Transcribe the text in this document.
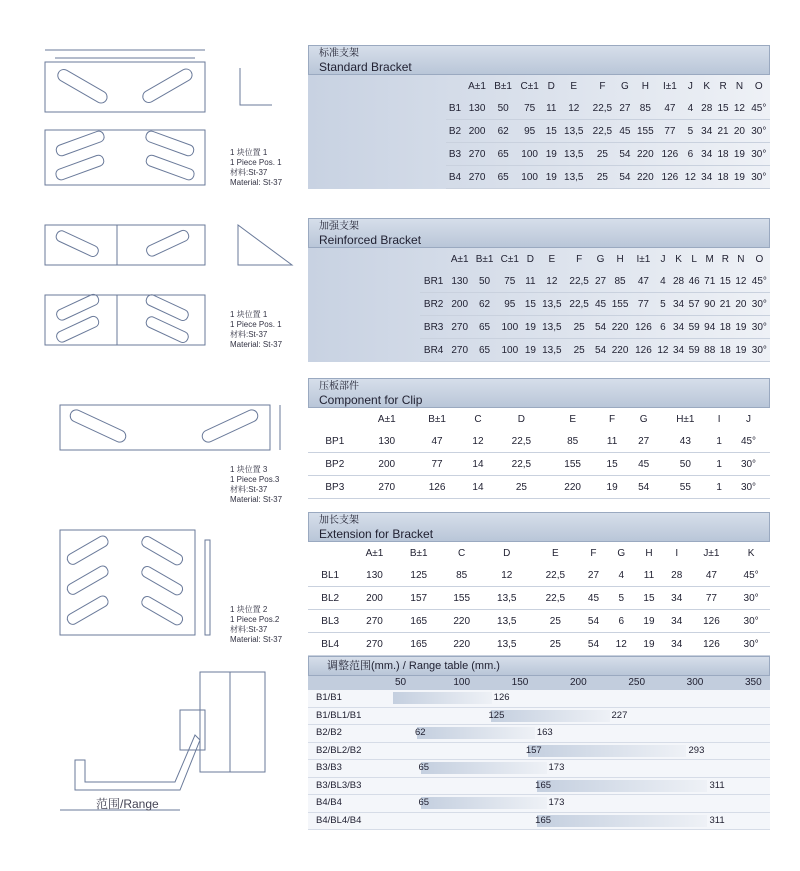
1 块位置 1
1 Piece Pos. 1
材料:St-37
Material: St-37
1 块位置 1
1 Piece Pos. 1
材料:St-37
Material: St-37
1 块位置 3
1 Piece Pos.3
材料:St-37
Material: St-37
1 块位置 2
1 Piece Pos.2
材料:St-37
Material: St-37
范围/Range
标准支架
Standard Bracket
	A±1	B±1	C±1	D	E	F	G	H	I±1	J	K	R	N	O
B1	130	50	75	11	12	22,5	27	85	47	4	28	15	12	45°
B2	200	62	95	15	13,5	22,5	45	155	77	5	34	21	20	30°
B3	270	65	100	19	13,5	25	54	220	126	6	34	18	19	30°
B4	270	65	100	19	13,5	25	54	220	126	12	34	18	19	30°
加强支架
Reinforced Bracket
	A±1	B±1	C±1	D	E	F	G	H	I±1	J	K	L	M	R	N	O
BR1	130	50	75	11	12	22,5	27	85	47	4	28	46	71	15	12	45°
BR2	200	62	95	15	13,5	22,5	45	155	77	5	34	57	90	21	20	30°
BR3	270	65	100	19	13,5	25	54	220	126	6	34	59	94	18	19	30°
BR4	270	65	100	19	13,5	25	54	220	126	12	34	59	88	18	19	30°
压板部件
Component for Clip
	A±1	B±1	C	D	E	F	G	H±1	I	J
BP1	130	47	12	22,5	85	11	27	43	1	45°
BP2	200	77	14	22,5	155	15	45	50	1	30°
BP3	270	126	14	25	220	19	54	55	1	30°
加长支架
Extension for Bracket
	A±1	B±1	C	D	E	F	G	H	I	J±1	K
BL1	130	125	85	12	22,5	27	4	11	28	47	45°
BL2	200	157	155	13,5	22,5	45	5	15	34	77	30°
BL3	270	165	220	13,5	25	54	6	19	34	126	30°
BL4	270	165	220	13,5	25	54	12	19	34	126	30°
调整范围(mm.) / Range table (mm.)
50	100	150	200	250	300	350
B1/B1	126
B1/BL1/B1	125	227
B2/B2	62	163
B2/BL2/B2	157	293
B3/B3	65	173
B3/BL3/B3	165	311
B4/B4	65	173
B4/BL4/B4	165	311
